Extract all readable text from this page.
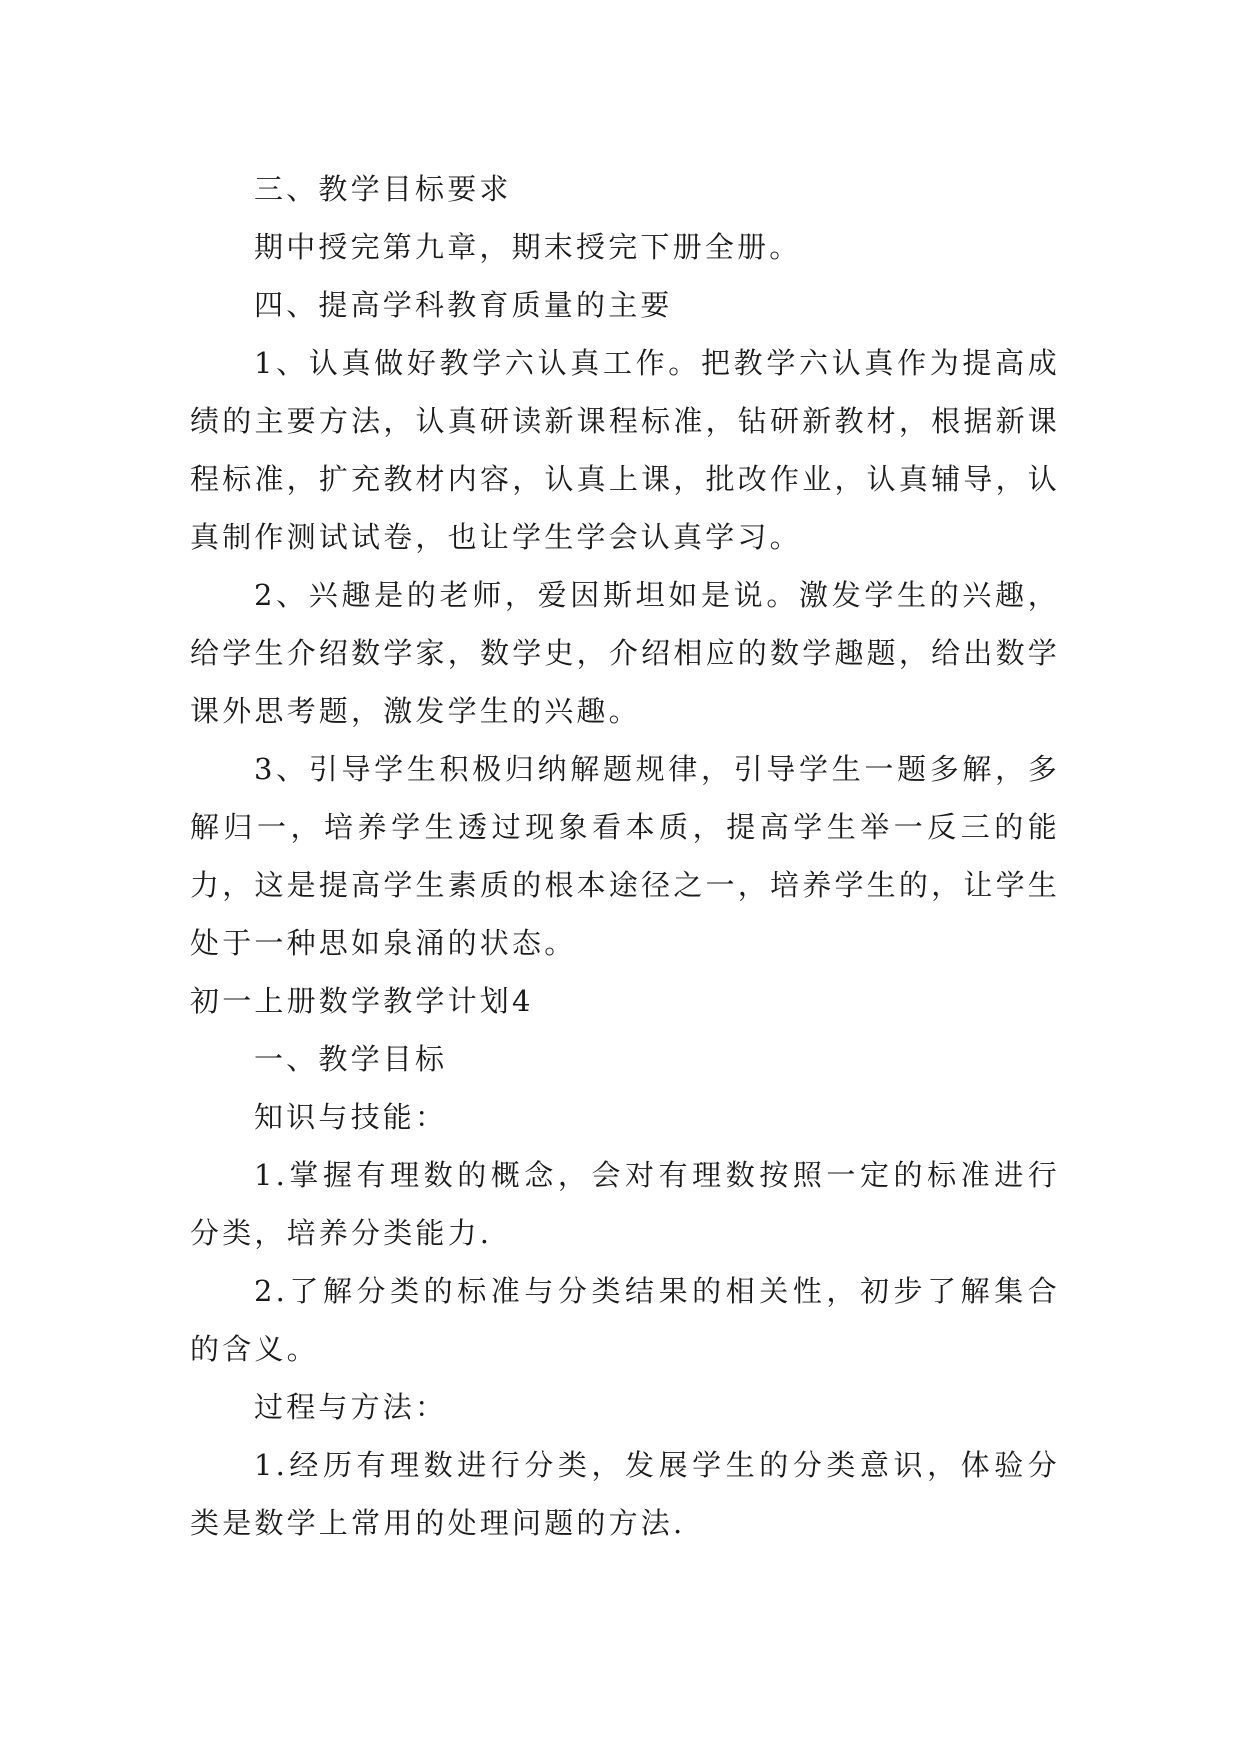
三、教学目标要求

期中授完第九章，期末授完下册全册。

四、提高学科教育质量的主要

1、认真做好教学六认真工作。把教学六认真作为提高成绩的主要方法，认真研读新课程标准，钻研新教材，根据新课程标准，扩充教材内容，认真上课，批改作业，认真辅导，认真制作测试试卷，也让学生学会认真学习。

2、兴趣是的老师，爱因斯坦如是说。激发学生的兴趣，给学生介绍数学家，数学史，介绍相应的数学趣题，给出数学课外思考题，激发学生的兴趣。

3、引导学生积极归纳解题规律，引导学生一题多解，多解归一，培养学生透过现象看本质，提高学生举一反三的能力，这是提高学生素质的根本途径之一，培养学生的，让学生处于一种思如泉涌的状态。

初一上册数学教学计划4

一、教学目标

知识与技能：

1.掌握有理数的概念，会对有理数按照一定的标准进行分类，培养分类能力.

2.了解分类的标准与分类结果的相关性，初步了解集合的含义。

过程与方法：

1.经历有理数进行分类，发展学生的分类意识，体验分类是数学上常用的处理问题的方法.
